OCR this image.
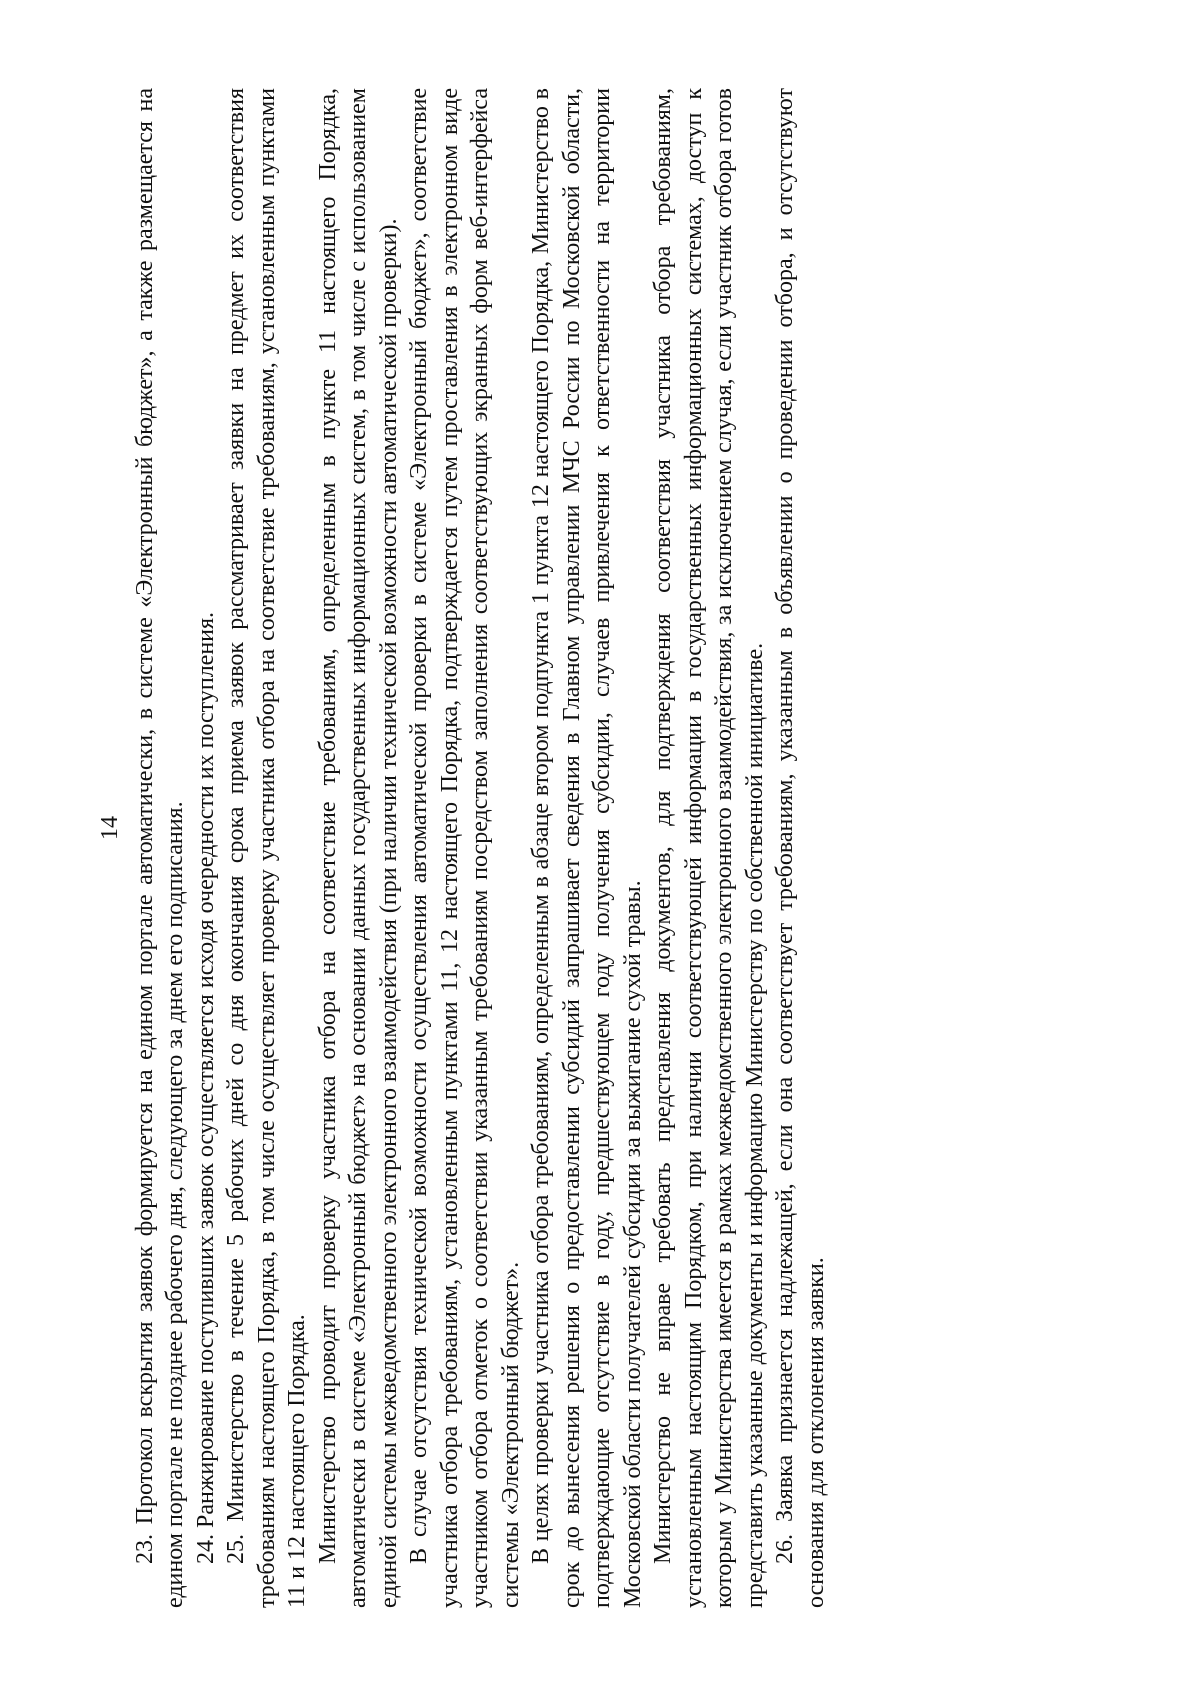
14 23. Протокол вскрытия заявок формируется на едином портале автоматически, в системе «Электронный бюджет», а также размещается на едином портале не позднее рабочего дня, следующего за днем его подписания. 24. Ранжирование поступивших заявок осуществляется исходя очередности их поступления. 25. Министерство в течение 5 рабочих дней со дня окончания срока приема заявок рассматривает заявки на предмет их соответствия требованиям настоящего Порядка, в том числе осуществляет проверку участника отбора на соответствие требованиям, установленным пунктами 11 и 12 настоящего Порядка. Министерство проводит проверку участника отбора на соответствие требованиям, определенным в пункте 11 настоящего Порядка, автоматически в системе «Электронный бюджет» на основании данных государственных информационных систем, в том числе с использованием единой системы межведомственного электронного взаимодействия (при наличии технической возможности автоматической проверки). В случае отсутствия технической возможности осуществления автоматической проверки в системе «Электронный бюджет», соответствие участника отбора требованиям, установленным пунктами 11, 12 настоящего Порядка, подтверждается путем проставления в электронном виде участником отбора отметок о соответствии указанным требованиям посредством заполнения соответствующих экранных форм веб-интерфейса системы «Электронный бюджет». В целях проверки участника отбора требованиям, определенным в абзаце втором подпункта 1 пункта 12 настоящего Порядка, Министерство в срок до вынесения решения о предоставлении субсидий запрашивает сведения в Главном управлении МЧС России по Московской области, подтверждающие отсутствие в году, предшествующем году получения субсидии, случаев привлечения к ответственности на территории Московской области получателей субсидии за выжигание сухой травы. Министерство не вправе требовать представления документов, для подтверждения соответствия участника отбора требованиям, установленным настоящим Порядком, при наличии соответствующей информации в государственных информационных системах, доступ к которым у Министерства имеется в рамках межведомственного электронного взаимодействия, за исключением случая, если участник отбора готов представить указанные документы и информацию Министерству по собственной инициативе. 26. Заявка признается надлежащей, если она соответствует требованиям, указанным в объявлении о проведении отбора, и отсутствуют основания для отклонения заявки.
